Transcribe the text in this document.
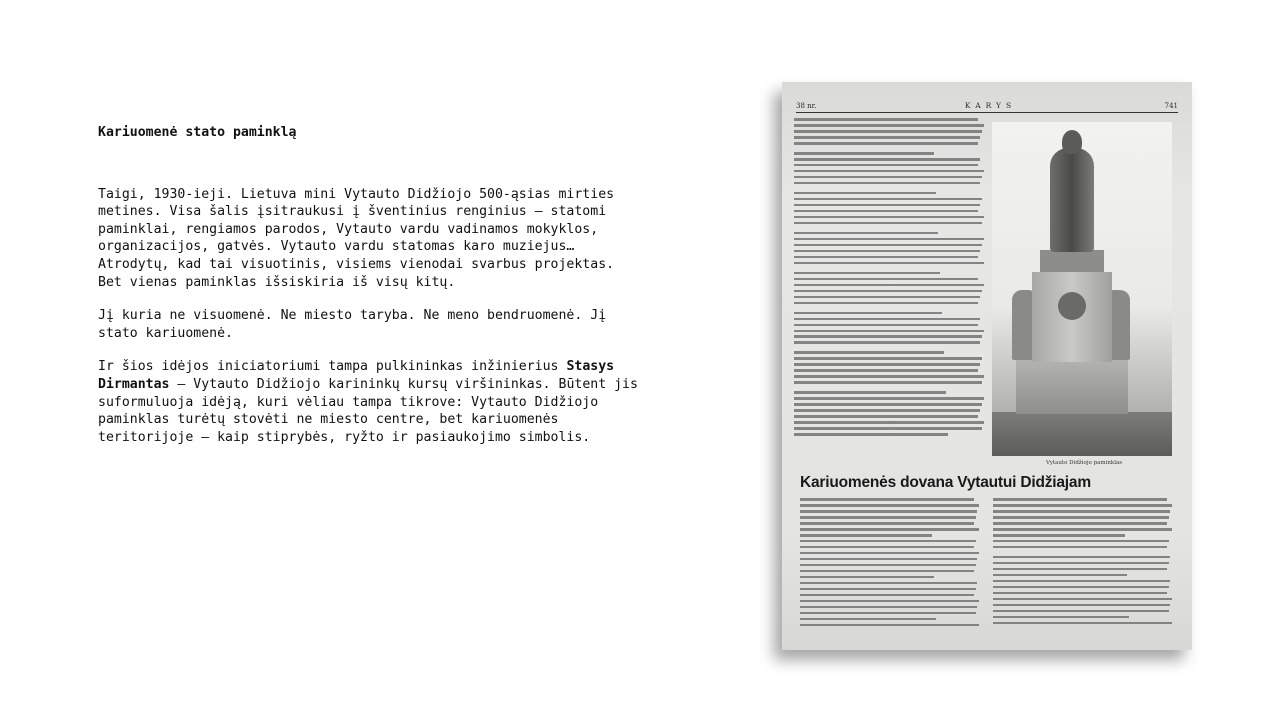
Kariuomenė stato paminklą

Taigi, 1930-ieji. Lietuva mini Vytauto Didžiojo 500-ąsias mirties metines. Visa šalis įsitraukusi į šventinius renginius – statomi paminklai, rengiamos parodos, Vytauto vardu vadinamos mokyklos, organizacijos, gatvės. Vytauto vardu statomas karo muziejus… Atrodytų, kad tai visuotinis, visiems vienodai svarbus projektas. Bet vienas paminklas išsiskiria iš visų kitų.

Jį kuria ne visuomenė. Ne miesto taryba. Ne meno bendruomenė. Jį stato kariuomenė.

Ir šios idėjos iniciatoriumi tampa pulkininkas inžinierius Stasys Dirmantas – Vytauto Didžiojo karininkų kursų viršininkas. Būtent jis suformuluoja idėją, kuri vėliau tampa tikrove: Vytauto Didžiojo paminklas turėtų stovėti ne miesto centre, bet kariuomenės teritorijoje – kaip stiprybės, ryžto ir pasiaukojimo simbolis.

38 nr.	KARYS	741
Vytauto Didžiojo paminklas
Kariuomenės dovana Vytautui Didžiajam
